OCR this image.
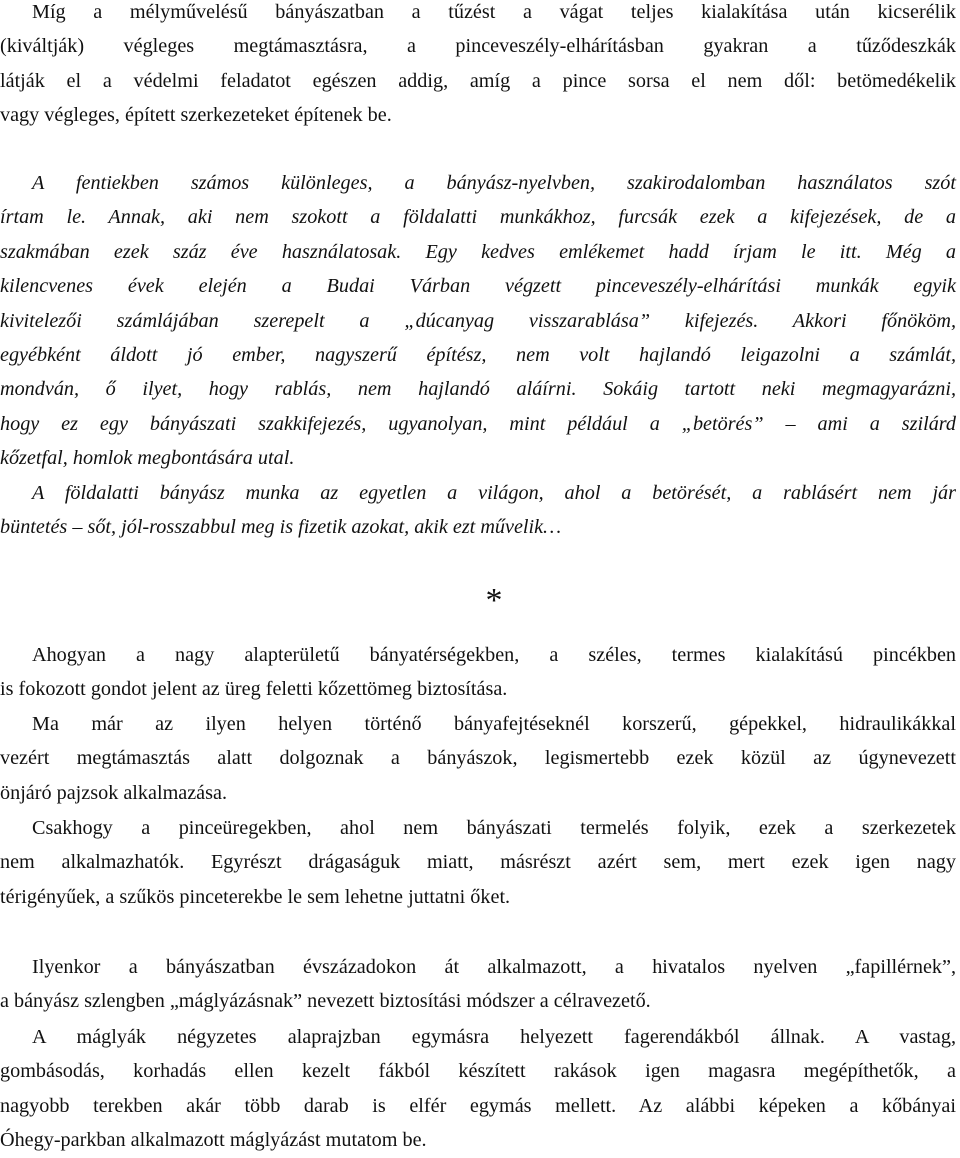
Míg a mélyművelésű bányászatban a tűzést a vágat teljes kialakítása után kicserélik
(kiváltják) végleges megtámasztásra, a pinceveszély-elhárításban gyakran a tűződeszkák
látják el a védelmi feladatot egészen addig, amíg a pince sorsa el nem dől: betömedékelik
vagy végleges, épített szerkezeteket építenek be.
A fentiekben számos különleges, a bányász-nyelvben, szakirodalomban használatos szót
írtam le. Annak, aki nem szokott a földalatti munkákhoz, furcsák ezek a kifejezések, de a
szakmában ezek száz éve használatosak. Egy kedves emlékemet hadd írjam le itt. Még a
kilencvenes évek elején a Budai Várban végzett pinceveszély-elhárítási munkák egyik
kivitelezői számlájában szerepelt a „dúcanyag visszarablása” kifejezés. Akkori főnököm,
egyébként áldott jó ember, nagyszerű építész, nem volt hajlandó leigazolni a számlát,
mondván, ő ilyet, hogy rablás, nem hajlandó aláírni. Sokáig tartott neki megmagyarázni,
hogy ez egy bányászati szakkifejezés, ugyanolyan, mint például a „betörés” – ami a szilárd
kőzetfal, homlok megbontására utal.
A földalatti bányász munka az egyetlen a világon, ahol a betörését, a rablásért nem jár
büntetés – sőt, jól-rosszabbul meg is fizetik azokat, akik ezt művelik…
*
Ahogyan a nagy alapterületű bányatérségekben, a széles, termes kialakítású pincékben
is fokozott gondot jelent az üreg feletti kőzettömeg biztosítása.
Ma már az ilyen helyen történő bányafejtéseknél korszerű, gépekkel, hidraulikákkal
vezért megtámasztás alatt dolgoznak a bányászok, legismertebb ezek közül az úgynevezett
önjáró pajzsok alkalmazása.
Csakhogy a pinceüregekben, ahol nem bányászati termelés folyik, ezek a szerkezetek
nem alkalmazhatók. Egyrészt drágaságuk miatt, másrészt azért sem, mert ezek igen nagy
térigényűek, a szűkös pinceterekbe le sem lehetne juttatni őket.
Ilyenkor a bányászatban évszázadokon át alkalmazott, a hivatalos nyelven „fapillérnek”,
a bányász szlengben „máglyázásnak” nevezett biztosítási módszer a célravezető.
A máglyák négyzetes alaprajzban egymásra helyezett fagerendákból állnak. A vastag,
gombásodás, korhadás ellen kezelt fákból készített rakások igen magasra megépíthetők, a
nagyobb terekben akár több darab is elfér egymás mellett. Az alábbi képeken a kőbányai
Óhegy-parkban alkalmazott máglyázást mutatom be.
